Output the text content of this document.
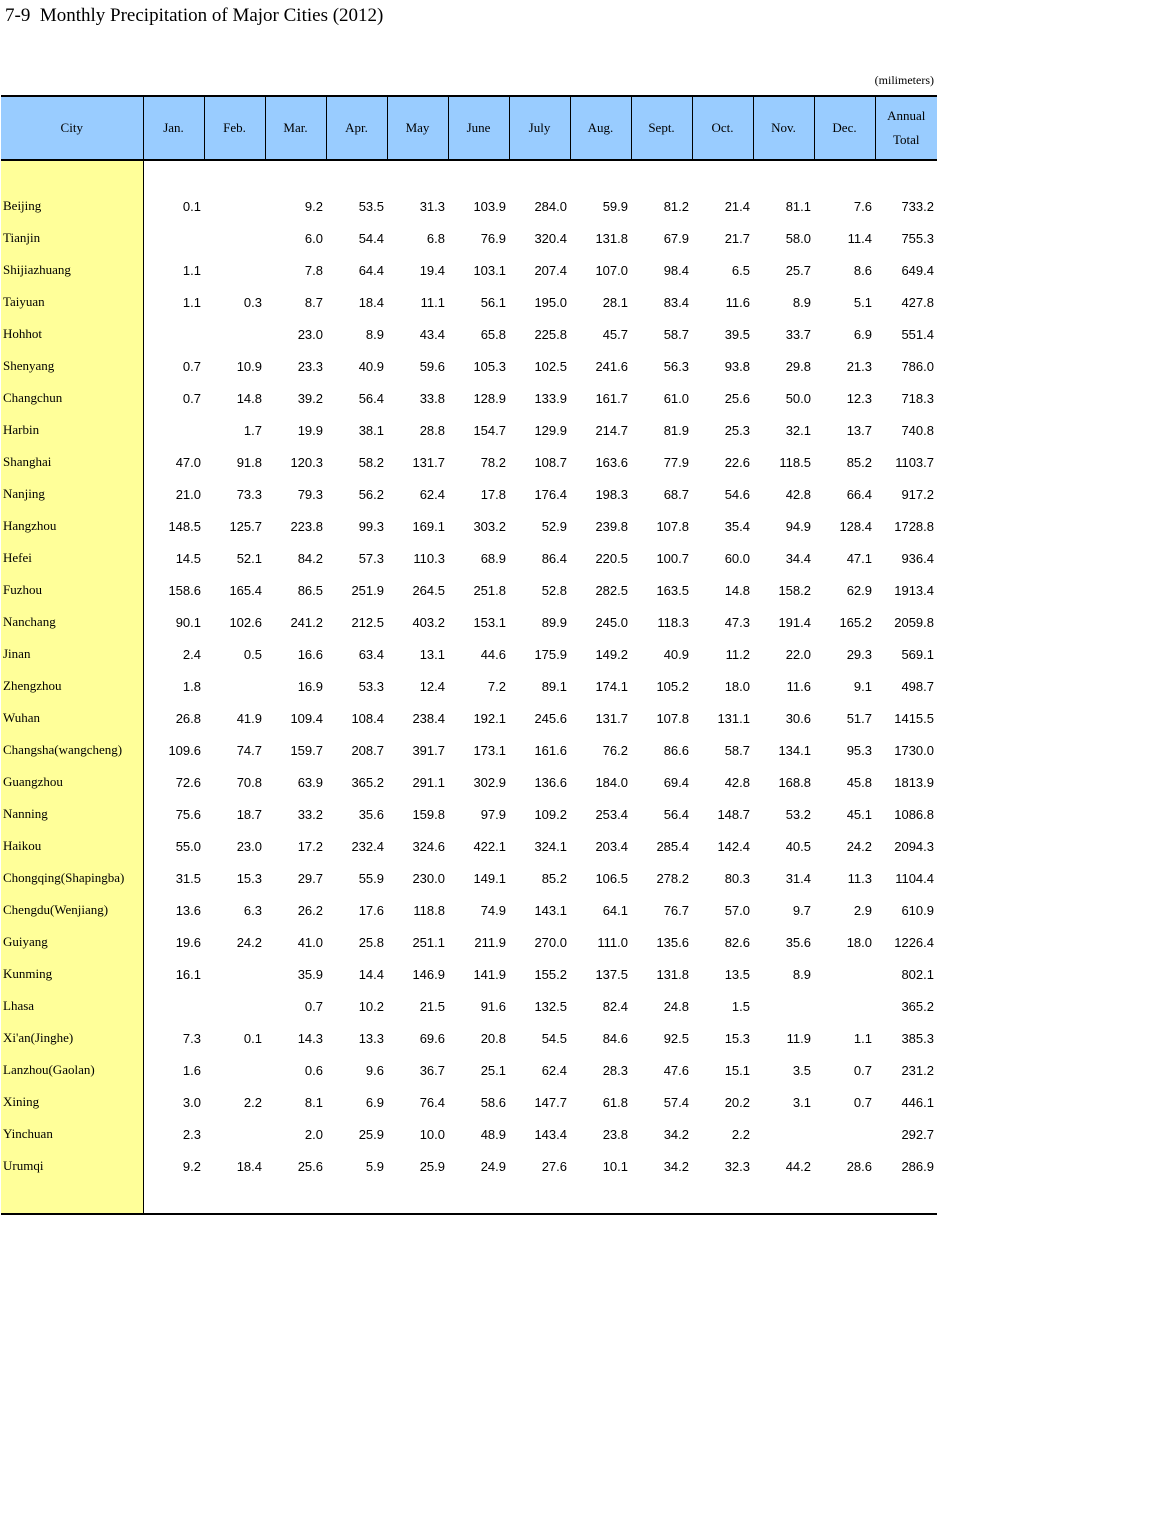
7-9  Monthly Precipitation of Major Cities (2012)
(milimeters)
City	Jan.	Feb.	Mar.	Apr.	May	June	July	Aug.	Sept.	Oct.	Nov.	Dec.	Annual
Total

Beijing	0.1		9.2	53.5	31.3	103.9	284.0	59.9	81.2	21.4	81.1	7.6	733.2
Tianjin			6.0	54.4	6.8	76.9	320.4	131.8	67.9	21.7	58.0	11.4	755.3
Shijiazhuang	1.1		7.8	64.4	19.4	103.1	207.4	107.0	98.4	6.5	25.7	8.6	649.4
Taiyuan	1.1	0.3	8.7	18.4	11.1	56.1	195.0	28.1	83.4	11.6	8.9	5.1	427.8
Hohhot			23.0	8.9	43.4	65.8	225.8	45.7	58.7	39.5	33.7	6.9	551.4
Shenyang	0.7	10.9	23.3	40.9	59.6	105.3	102.5	241.6	56.3	93.8	29.8	21.3	786.0
Changchun	0.7	14.8	39.2	56.4	33.8	128.9	133.9	161.7	61.0	25.6	50.0	12.3	718.3
Harbin		1.7	19.9	38.1	28.8	154.7	129.9	214.7	81.9	25.3	32.1	13.7	740.8
Shanghai	47.0	91.8	120.3	58.2	131.7	78.2	108.7	163.6	77.9	22.6	118.5	85.2	1103.7
Nanjing	21.0	73.3	79.3	56.2	62.4	17.8	176.4	198.3	68.7	54.6	42.8	66.4	917.2
Hangzhou	148.5	125.7	223.8	99.3	169.1	303.2	52.9	239.8	107.8	35.4	94.9	128.4	1728.8
Hefei	14.5	52.1	84.2	57.3	110.3	68.9	86.4	220.5	100.7	60.0	34.4	47.1	936.4
Fuzhou	158.6	165.4	86.5	251.9	264.5	251.8	52.8	282.5	163.5	14.8	158.2	62.9	1913.4
Nanchang	90.1	102.6	241.2	212.5	403.2	153.1	89.9	245.0	118.3	47.3	191.4	165.2	2059.8
Jinan	2.4	0.5	16.6	63.4	13.1	44.6	175.9	149.2	40.9	11.2	22.0	29.3	569.1
Zhengzhou	1.8		16.9	53.3	12.4	7.2	89.1	174.1	105.2	18.0	11.6	9.1	498.7
Wuhan	26.8	41.9	109.4	108.4	238.4	192.1	245.6	131.7	107.8	131.1	30.6	51.7	1415.5
Changsha(wangcheng)	109.6	74.7	159.7	208.7	391.7	173.1	161.6	76.2	86.6	58.7	134.1	95.3	1730.0
Guangzhou	72.6	70.8	63.9	365.2	291.1	302.9	136.6	184.0	69.4	42.8	168.8	45.8	1813.9
Nanning	75.6	18.7	33.2	35.6	159.8	97.9	109.2	253.4	56.4	148.7	53.2	45.1	1086.8
Haikou	55.0	23.0	17.2	232.4	324.6	422.1	324.1	203.4	285.4	142.4	40.5	24.2	2094.3
Chongqing(Shapingba)	31.5	15.3	29.7	55.9	230.0	149.1	85.2	106.5	278.2	80.3	31.4	11.3	1104.4
Chengdu(Wenjiang)	13.6	6.3	26.2	17.6	118.8	74.9	143.1	64.1	76.7	57.0	9.7	2.9	610.9
Guiyang	19.6	24.2	41.0	25.8	251.1	211.9	270.0	111.0	135.6	82.6	35.6	18.0	1226.4
Kunming	16.1		35.9	14.4	146.9	141.9	155.2	137.5	131.8	13.5	8.9		802.1
Lhasa			0.7	10.2	21.5	91.6	132.5	82.4	24.8	1.5			365.2
Xi'an(Jinghe)	7.3	0.1	14.3	13.3	69.6	20.8	54.5	84.6	92.5	15.3	11.9	1.1	385.3
Lanzhou(Gaolan)	1.6		0.6	9.6	36.7	25.1	62.4	28.3	47.6	15.1	3.5	0.7	231.2
Xining	3.0	2.2	8.1	6.9	76.4	58.6	147.7	61.8	57.4	20.2	3.1	0.7	446.1
Yinchuan	2.3		2.0	25.9	10.0	48.9	143.4	23.8	34.2	2.2			292.7
Urumqi	9.2	18.4	25.6	5.9	25.9	24.9	27.6	10.1	34.2	32.3	44.2	28.6	286.9
